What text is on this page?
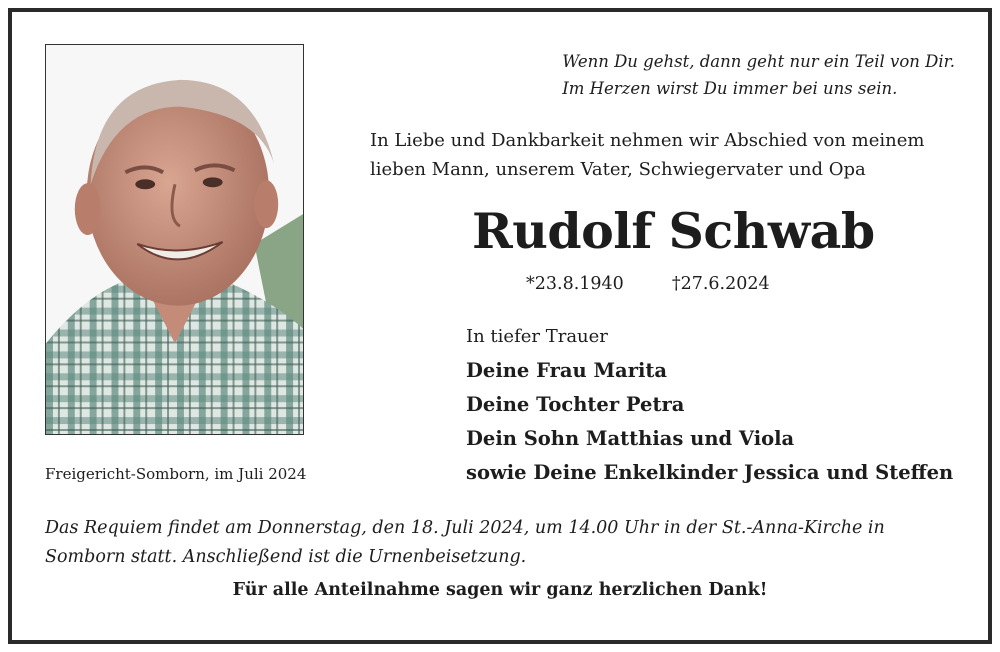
Wenn Du gehst, dann geht nur ein Teil von Dir.
Im Herzen wirst Du immer bei uns sein.
In Liebe und Dankbarkeit nehmen wir Abschied von meinem
lieben Mann, unserem Vater, Schwiegervater und Opa
Rudolf Schwab
*23.8.1940	†27.6.2024
In tiefer Trauer
Deine Frau Marita
Deine Tochter Petra
Dein Sohn Matthias und Viola
sowie Deine Enkelkinder Jessica und Steffen
Freigericht-Somborn, im Juli 2024
Das Requiem findet am Donnerstag, den 18. Juli 2024, um 14.00 Uhr in der St.-Anna-Kirche in Somborn statt. Anschließend ist die Urnenbeisetzung.
Für alle Anteilnahme sagen wir ganz herzlichen Dank!
